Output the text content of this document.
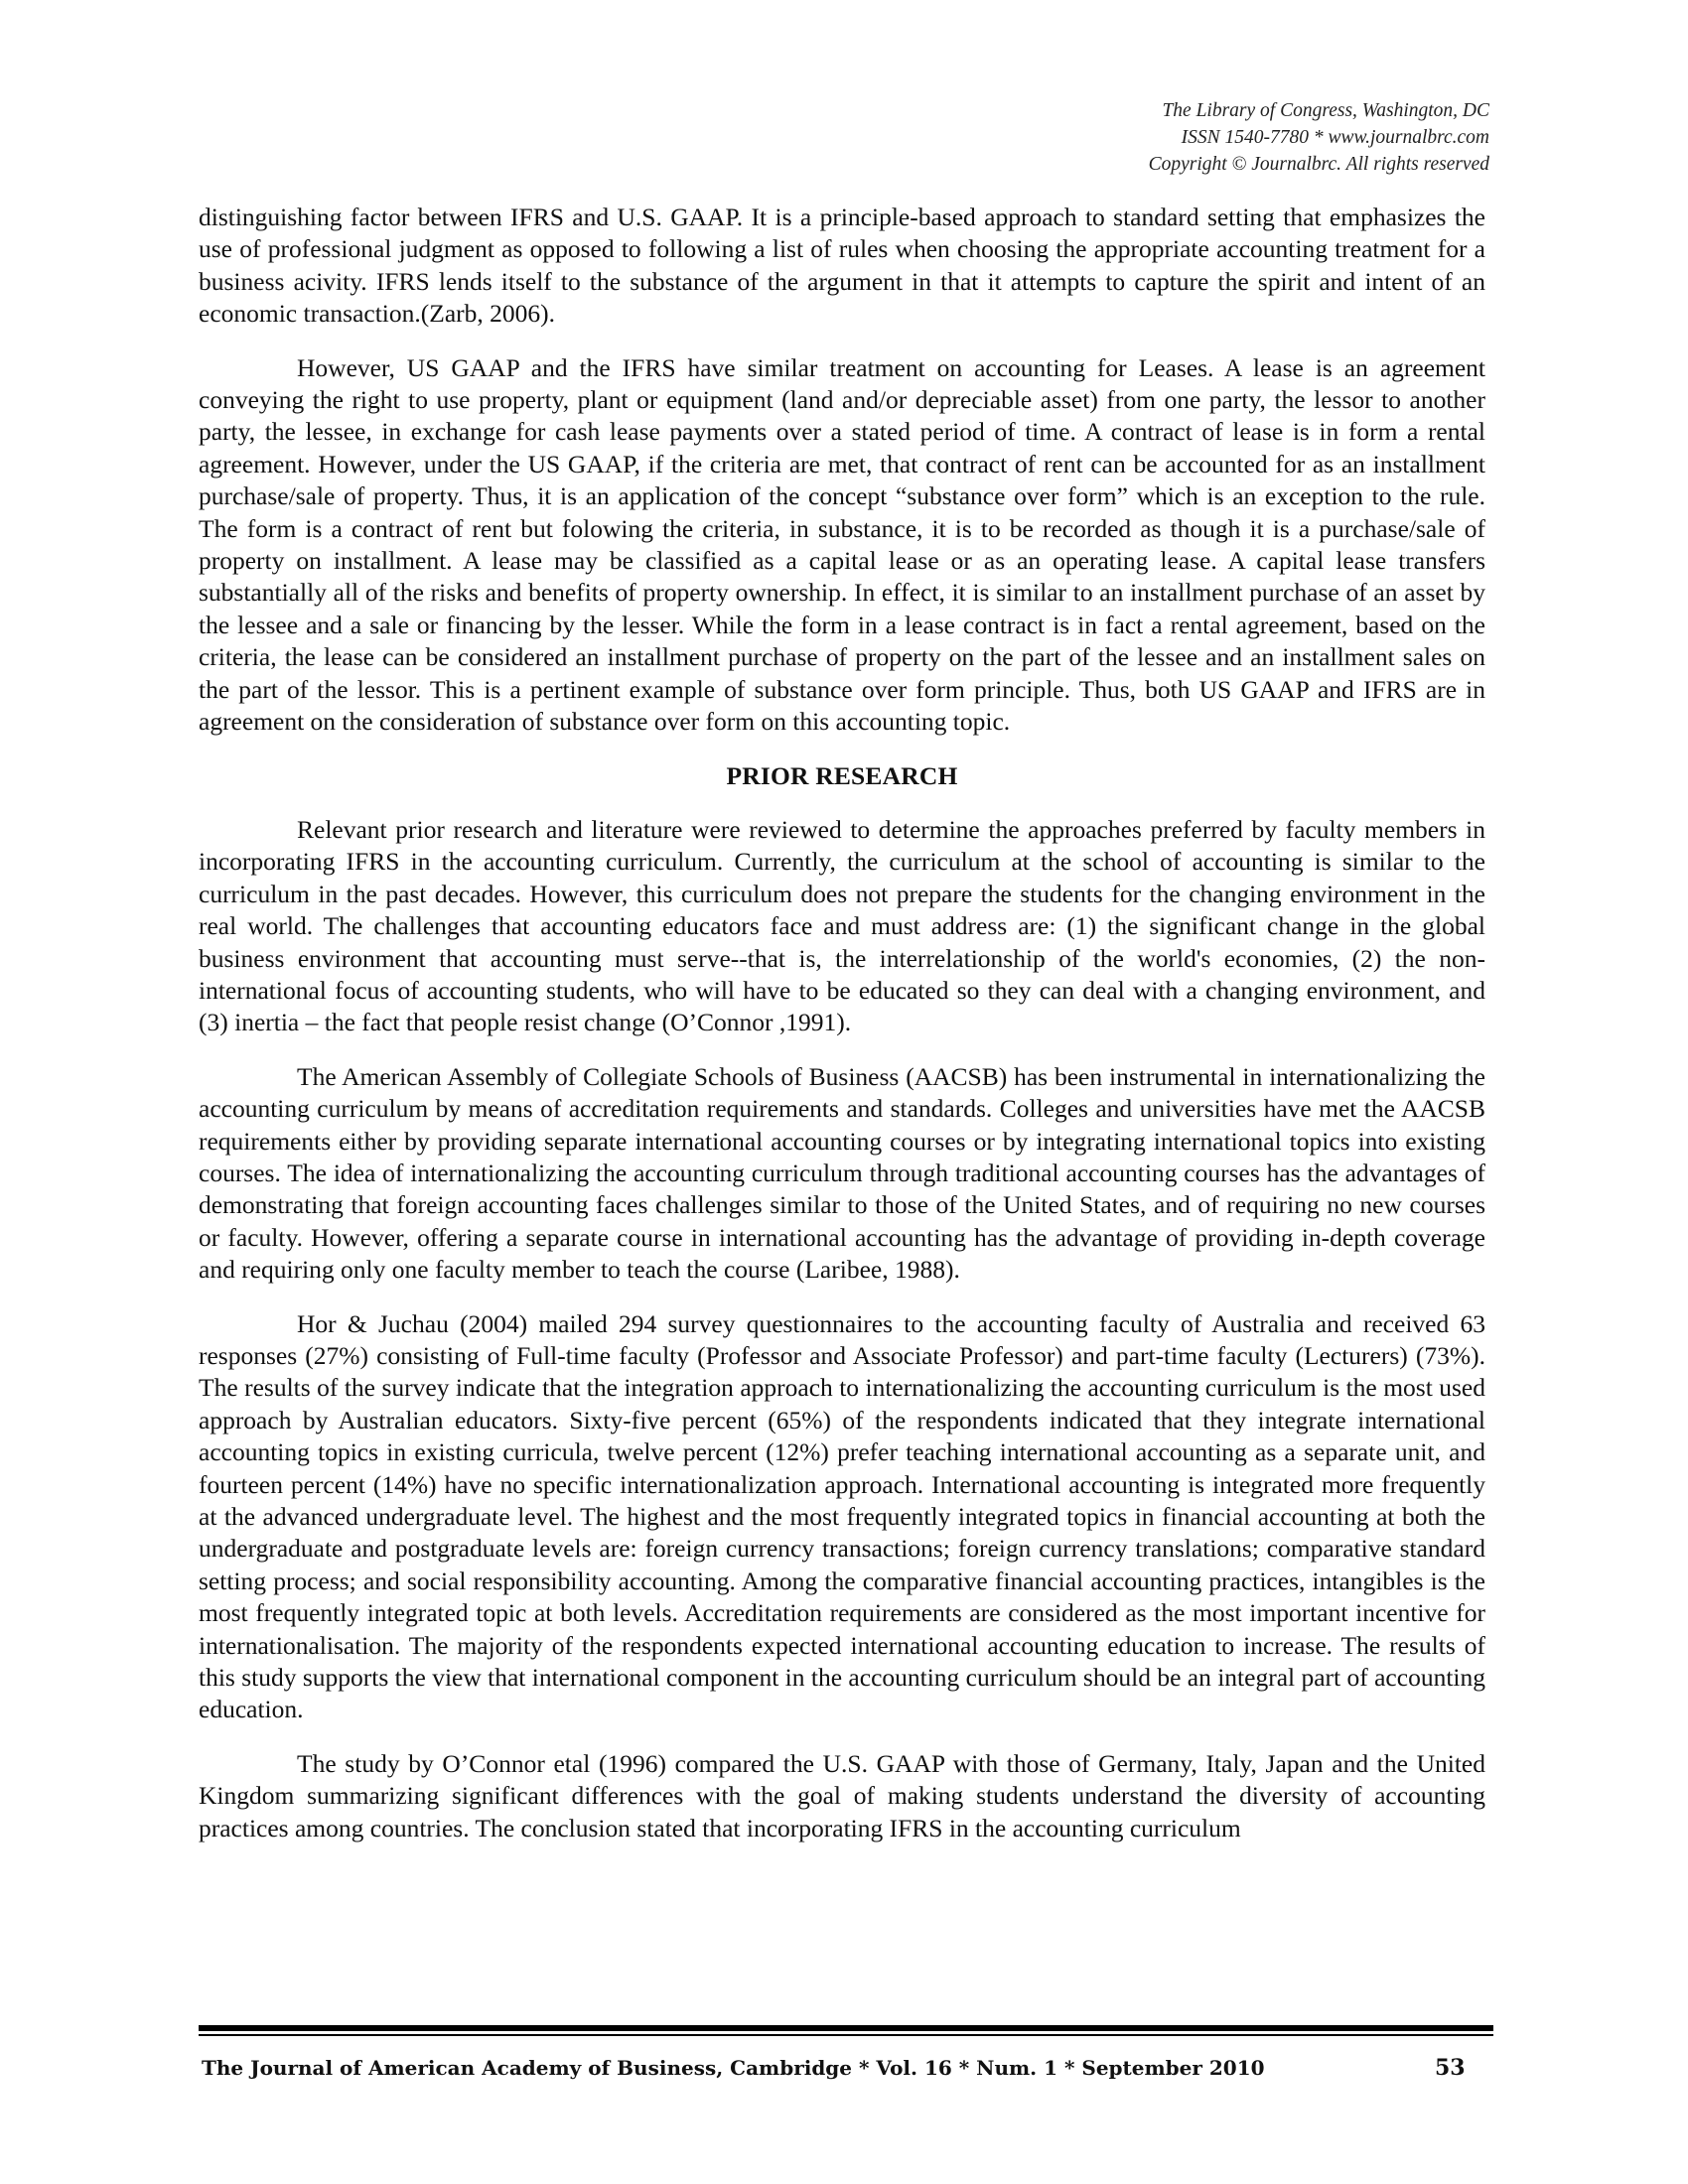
The Library of Congress, Washington, DC
ISSN 1540-7780 * www.journalbrc.com
Copyright © Journalbrc. All rights reserved

distinguishing factor between IFRS and U.S. GAAP. It is a principle-based approach to standard setting that emphasizes the use of professional judgment as opposed to following a list of rules when choosing the appropriate accounting treatment for a business acivity. IFRS lends itself to the substance of the argument in that it attempts to capture the spirit and intent of an economic transaction.(Zarb, 2006).

However, US GAAP and the IFRS have similar treatment on accounting for Leases. A lease is an agreement conveying the right to use property, plant or equipment (land and/or depreciable asset) from one party, the lessor to another party, the lessee, in exchange for cash lease payments over a stated period of time. A contract of lease is in form a rental agreement. However, under the US GAAP, if the criteria are met, that contract of rent can be accounted for as an installment purchase/sale of property. Thus, it is an application of the concept “substance over form” which is an exception to the rule. The form is a contract of rent but folowing the criteria, in substance, it is to be recorded as though it is a purchase/sale of property on installment. A lease may be classified as a capital lease or as an operating lease. A capital lease transfers substantially all of the risks and benefits of property ownership. In effect, it is similar to an installment purchase of an asset by the lessee and a sale or financing by the lesser. While the form in a lease contract is in fact a rental agreement, based on the criteria, the lease can be considered an installment purchase of property on the part of the lessee and an installment sales on the part of the lessor. This is a pertinent example of substance over form principle. Thus, both US GAAP and IFRS are in agreement on the consideration of substance over form on this accounting topic.

PRIOR RESEARCH

Relevant prior research and literature were reviewed to determine the approaches preferred by faculty members in incorporating IFRS in the accounting curriculum. Currently, the curriculum at the school of accounting is similar to the curriculum in the past decades. However, this curriculum does not prepare the students for the changing environment in the real world. The challenges that accounting educators face and must address are: (1) the significant change in the global business environment that accounting must serve--that is, the interrelationship of the world's economies, (2) the non-international focus of accounting students, who will have to be educated so they can deal with a changing environment, and (3) inertia – the fact that people resist change (O’Connor ,1991).

The American Assembly of Collegiate Schools of Business (AACSB) has been instrumental in internationalizing the accounting curriculum by means of accreditation requirements and standards. Colleges and universities have met the AACSB requirements either by providing separate international accounting courses or by integrating international topics into existing courses. The idea of internationalizing the accounting curriculum through traditional accounting courses has the advantages of demonstrating that foreign accounting faces challenges similar to those of the United States, and of requiring no new courses or faculty. However, offering a separate course in international accounting has the advantage of providing in-depth coverage and requiring only one faculty member to teach the course (Laribee, 1988).

Hor & Juchau (2004) mailed 294 survey questionnaires to the accounting faculty of Australia and received 63 responses (27%) consisting of Full-time faculty (Professor and Associate Professor) and part-time faculty (Lecturers) (73%). The results of the survey indicate that the integration approach to internationalizing the accounting curriculum is the most used approach by Australian educators. Sixty-five percent (65%) of the respondents indicated that they integrate international accounting topics in existing curricula, twelve percent (12%) prefer teaching international accounting as a separate unit, and fourteen percent (14%) have no specific internationalization approach. International accounting is integrated more frequently at the advanced undergraduate level. The highest and the most frequently integrated topics in financial accounting at both the undergraduate and postgraduate levels are: foreign currency transactions; foreign currency translations; comparative standard setting process; and social responsibility accounting. Among the comparative financial accounting practices, intangibles is the most frequently integrated topic at both levels. Accreditation requirements are considered as the most important incentive for internationalisation. The majority of the respondents expected international accounting education to increase. The results of this study supports the view that international component in the accounting curriculum should be an integral part of accounting education.

The study by O’Connor etal (1996) compared the U.S. GAAP with those of Germany, Italy, Japan and the United Kingdom summarizing significant differences with the goal of making students understand the diversity of accounting practices among countries. The conclusion stated that incorporating IFRS in the accounting curriculum

The Journal of American Academy of Business, Cambridge * Vol. 16 * Num. 1 * September 2010	53
